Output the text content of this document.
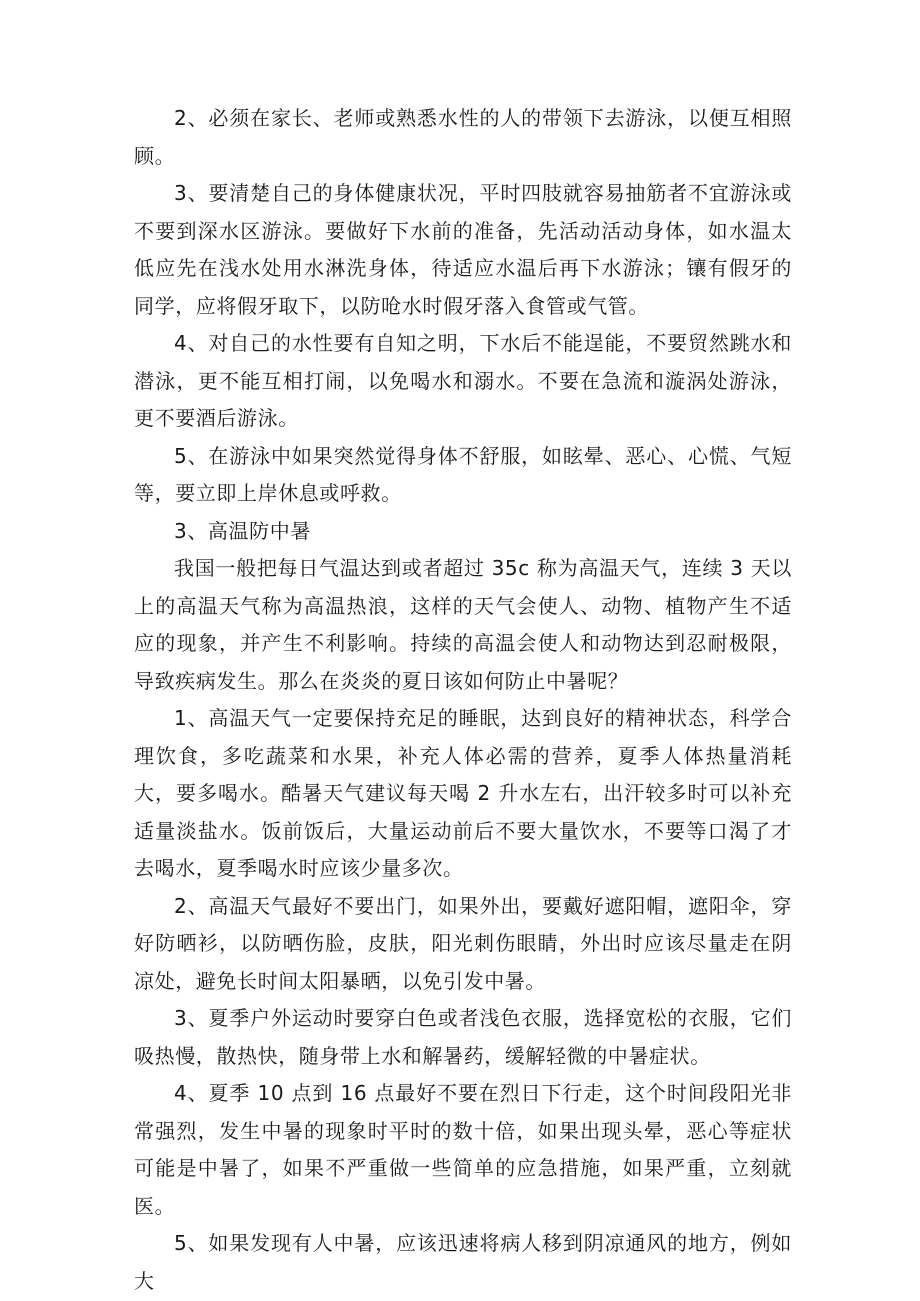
2、必须在家长、老师或熟悉水性的人的带领下去游泳，以便互相照顾。

3、要清楚自己的身体健康状况，平时四肢就容易抽筋者不宜游泳或不要到深水区游泳。要做好下水前的准备，先活动活动身体，如水温太低应先在浅水处用水淋洗身体，待适应水温后再下水游泳；镶有假牙的同学，应将假牙取下，以防呛水时假牙落入食管或气管。

4、对自己的水性要有自知之明，下水后不能逞能，不要贸然跳水和潜泳，更不能互相打闹，以免喝水和溺水。不要在急流和漩涡处游泳，更不要酒后游泳。

5、在游泳中如果突然觉得身体不舒服，如眩晕、恶心、心慌、气短等，要立即上岸休息或呼救。

3、高温防中暑

我国一般把每日气温达到或者超过 35c 称为高温天气，连续 3 天以上的高温天气称为高温热浪，这样的天气会使人、动物、植物产生不适应的现象，并产生不利影响。持续的高温会使人和动物达到忍耐极限，导致疾病发生。那么在炎炎的夏日该如何防止中暑呢？

1、高温天气一定要保持充足的睡眠，达到良好的精神状态，科学合理饮食，多吃蔬菜和水果，补充人体必需的营养，夏季人体热量消耗大，要多喝水。酷暑天气建议每天喝 2 升水左右，出汗较多时可以补充适量淡盐水。饭前饭后，大量运动前后不要大量饮水，不要等口渴了才去喝水，夏季喝水时应该少量多次。

2、高温天气最好不要出门，如果外出，要戴好遮阳帽，遮阳伞，穿好防晒衫，以防晒伤脸，皮肤，阳光刺伤眼睛，外出时应该尽量走在阴凉处，避免长时间太阳暴晒，以免引发中暑。

3、夏季户外运动时要穿白色或者浅色衣服，选择宽松的衣服，它们吸热慢，散热快，随身带上水和解暑药，缓解轻微的中暑症状。

4、夏季 10 点到 16 点最好不要在烈日下行走，这个时间段阳光非常强烈，发生中暑的现象时平时的数十倍，如果出现头晕，恶心等症状可能是中暑了，如果不严重做一些简单的应急措施，如果严重，立刻就医。

5、如果发现有人中暑，应该迅速将病人移到阴凉通风的地方，例如大
